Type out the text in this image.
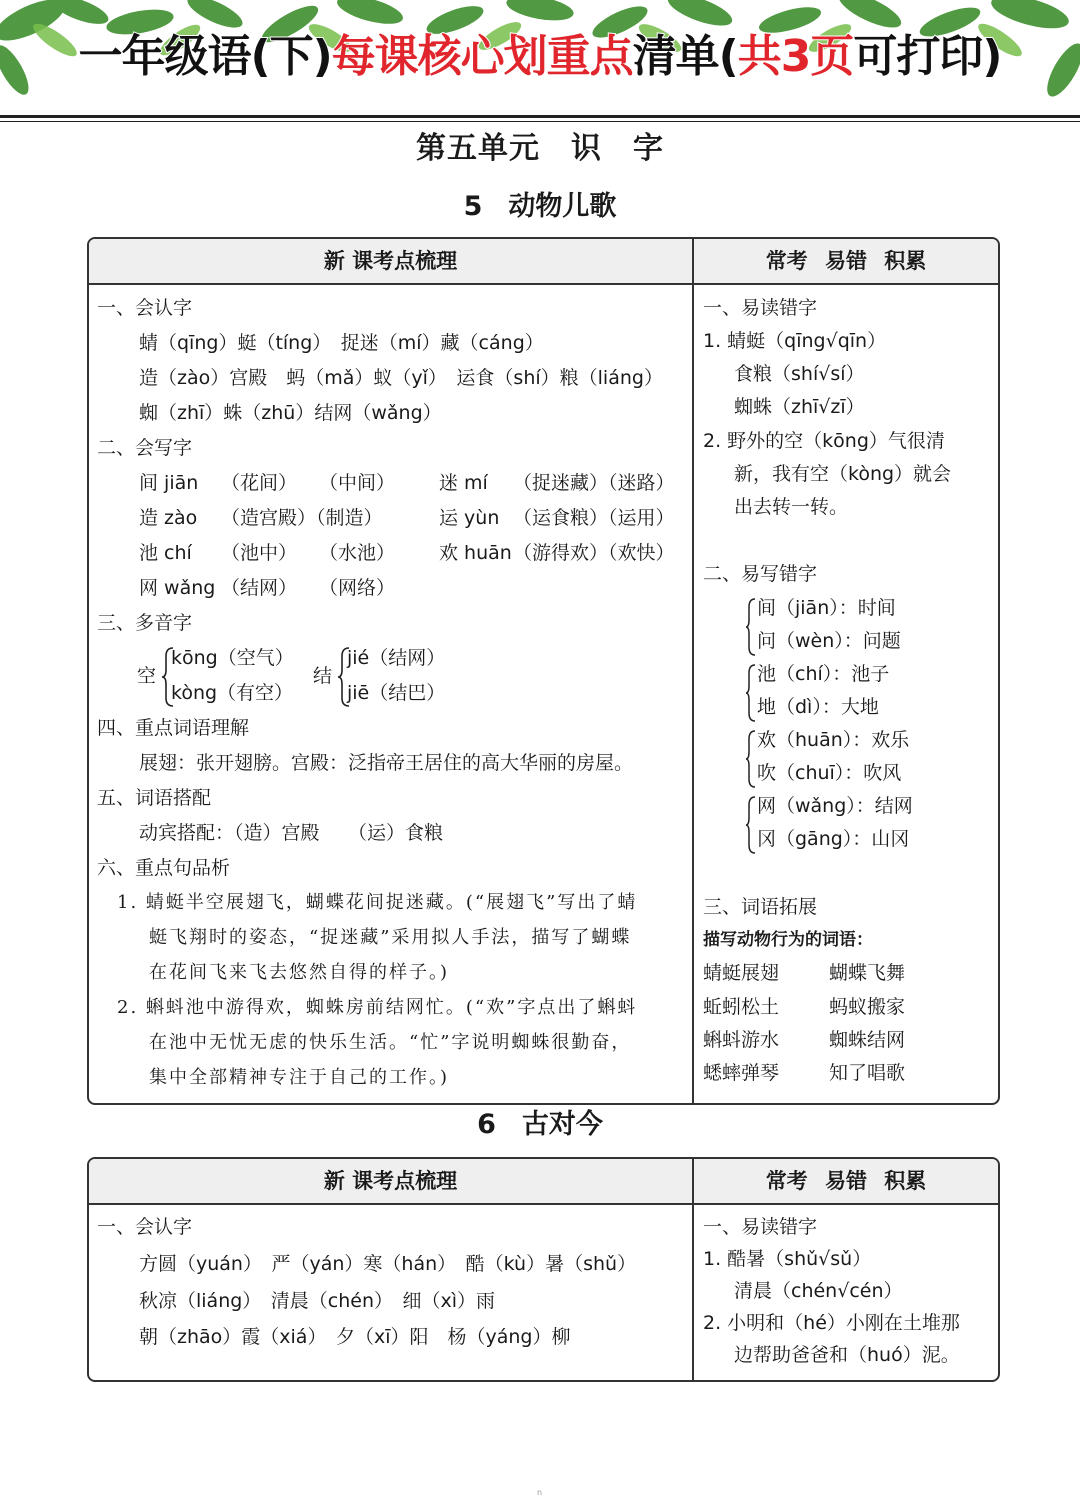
一年级语(下)每课核心划重点清单(共3页可打印)
第五单元　识　字
5 动物儿歌
新 课考点梳理	常考 易错 积累
一、会认字
蜻（qīng）蜓（tíng）　捉迷（mí）藏（cáng）
造（zào）宫殿　蚂（mǎ）蚁（yǐ）　运食（shí）粮（liáng）
蜘（zhī）蛛（zhū）结网（wǎng）
二、会写字
间 jiān （花间） （中间） 迷 mí （捉迷藏）（迷路）
造 zào （造宫殿）（制造）	运 yùn （运食粮）（运用）
池 chí （池中） （水池） 欢 huān （游得欢）（欢快）
网 wǎng （结网） （网络）
三、多音字
空
kōng（空气）
kòng（有空）
结
jié（结网）
jiē（结巴）
四、重点词语理解
展翅：张开翅膀。宫殿：泛指帝王居住的高大华丽的房屋。
五、词语搭配
动宾搭配：（造）宫殿　　（运）食粮
六、重点句品析
1. 蜻蜓半空展翅飞，蝴蝶花间捉迷藏。(“展翅飞”写出了蜻
蜓飞翔时的姿态，“捉迷藏”采用拟人手法，描写了蝴蝶
在花间飞来飞去悠然自得的样子。)
2. 蝌蚪池中游得欢，蜘蛛房前结网忙。(“欢”字点出了蝌蚪
在池中无忧无虑的快乐生活。“忙”字说明蜘蛛很勤奋，
集中全部精神专注于自己的工作。)
一、易读错字
1. 蜻蜓（qīng√qīn）
食粮（shí√sí）
蜘蛛（zhī√zī）
2. 野外的空（kōng）气很清
新，我有空（kòng）就会
出去转一转。
二、易写错字
间（jiān）：时间
问（wèn）：问题
池（chí）：池子
地（dì）：大地
欢（huān）：欢乐
吹（chuī）：吹风
网（wǎng）：结网
冈（gāng）：山冈
三、词语拓展
描写动物行为的词语：
蜻蜓展翅	蝴蝶飞舞
蚯蚓松土	蚂蚁搬家
蝌蚪游水	蜘蛛结网
蟋蟀弹琴	知了唱歌
6 古对今
新 课考点梳理	常考 易错 积累
一、会认字
方圆（yuán）　严（yán）寒（hán）　酷（kù）暑（shǔ）
秋凉（liáng）　清晨（chén）　细（xì）雨
朝（zhāo）霞（xiá）　夕（xī）阳　杨（yáng）柳
一、易读错字
1. 酷暑（shǔ√sǔ）
清晨（chén√cén）
2. 小明和（hé）小刚在土堆那
边帮助爸爸和（huó）泥。
n
